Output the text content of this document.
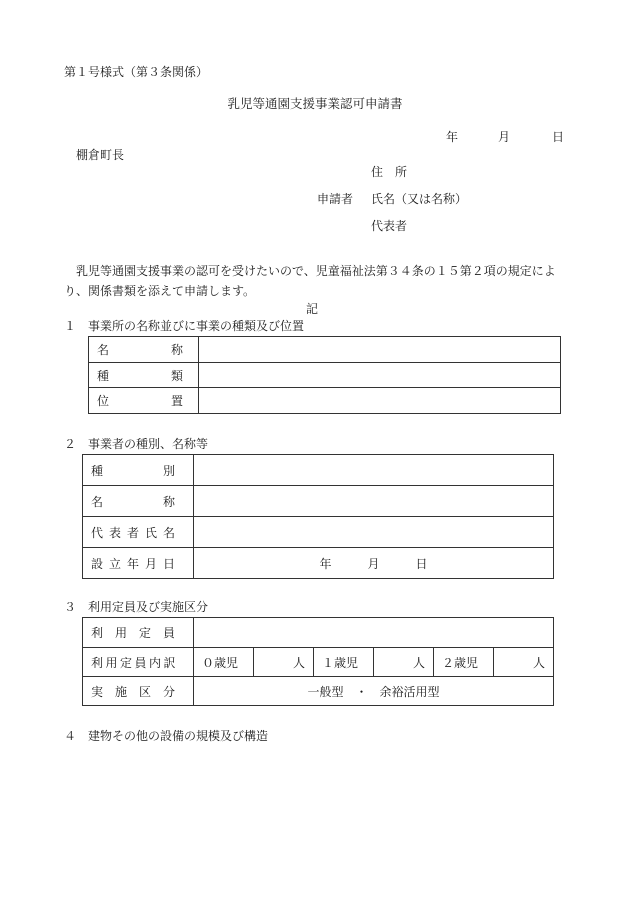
第１号様式（第３条関係）
乳児等通園支援事業認可申請書
年	月	日
棚倉町長
住　所
申請者 氏名（又は名称）
代表者
乳児等通園支援事業の認可を受けたいので、児童福祉法第３４条の１５第２項の規定により、関係書類を添えて申請します。
記
１　事業所の名称並びに事業の種類及び位置
名 称	

種 類	

位 置	

２　事業者の種別、名称等
種 別	

名 称	

代 表 者 氏 名	

設 立 年 月 日	年　　　月　　　日
３　利用定員及び実施区分
利 用 定 員						

利用定員内訳	０歳児	人	１歳児	人	２歳児	人

実 施 区 分	一般型　・　余裕活用型					
４　建物その他の設備の規模及び構造
